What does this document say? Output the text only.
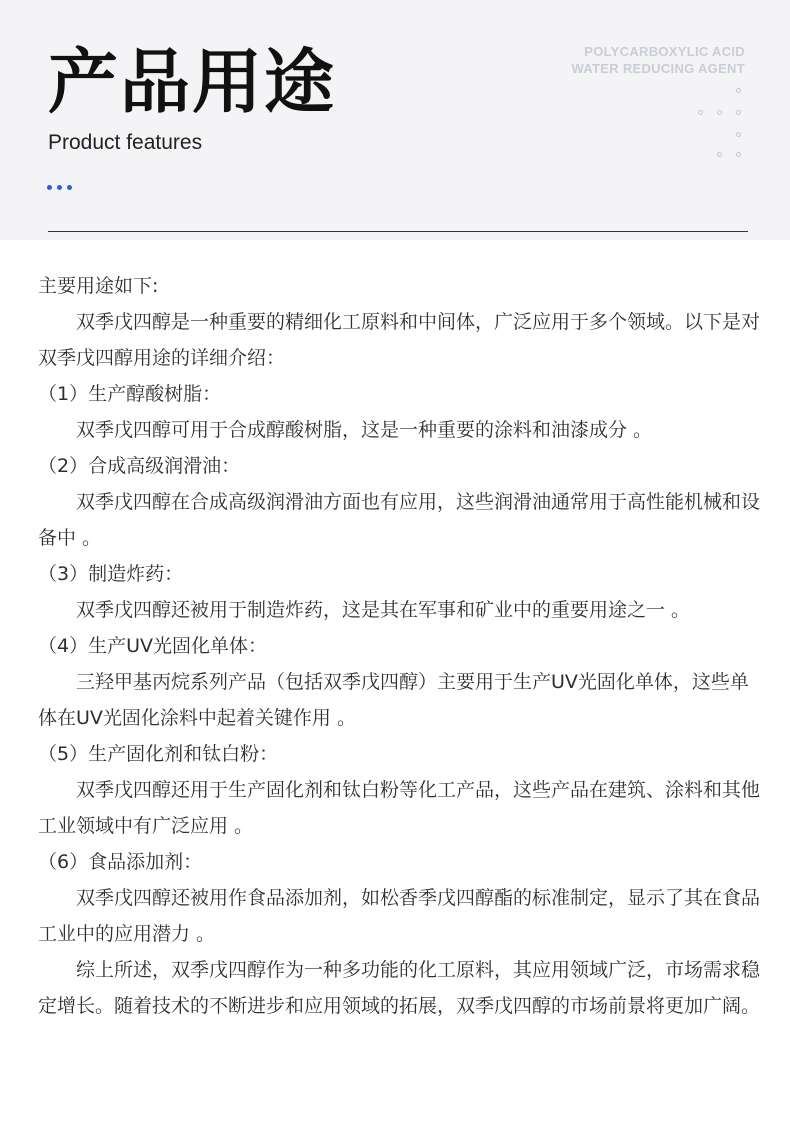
产品用途
Product features
POLYCARBOXYLIC ACID
WATER REDUCING AGENT

主要用途如下:

双季戊四醇是一种重要的精细化工原料和中间体，广泛应用于多个领域。以下是对双季戊四醇用途的详细介绍：

（1）生产醇酸树脂：

双季戊四醇可用于合成醇酸树脂，这是一种重要的涂料和油漆成分 。

（2）合成高级润滑油：

双季戊四醇在合成高级润滑油方面也有应用，这些润滑油通常用于高性能机械和设备中 。

（3）制造炸药：

双季戊四醇还被用于制造炸药，这是其在军事和矿业中的重要用途之一 。

（4）生产UV光固化单体：

三羟甲基丙烷系列产品（包括双季戊四醇）主要用于生产UV光固化单体，这些单体在UV光固化涂料中起着关键作用 。

（5）生产固化剂和钛白粉：

双季戊四醇还用于生产固化剂和钛白粉等化工产品，这些产品在建筑、涂料和其他工业领域中有广泛应用 。

（6）食品添加剂：

双季戊四醇还被用作食品添加剂，如松香季戊四醇酯的标准制定，显示了其在食品工业中的应用潜力 。

综上所述，双季戊四醇作为一种多功能的化工原料，其应用领域广泛，市场需求稳定增长。随着技术的不断进步和应用领域的拓展，双季戊四醇的市场前景将更加广阔。
